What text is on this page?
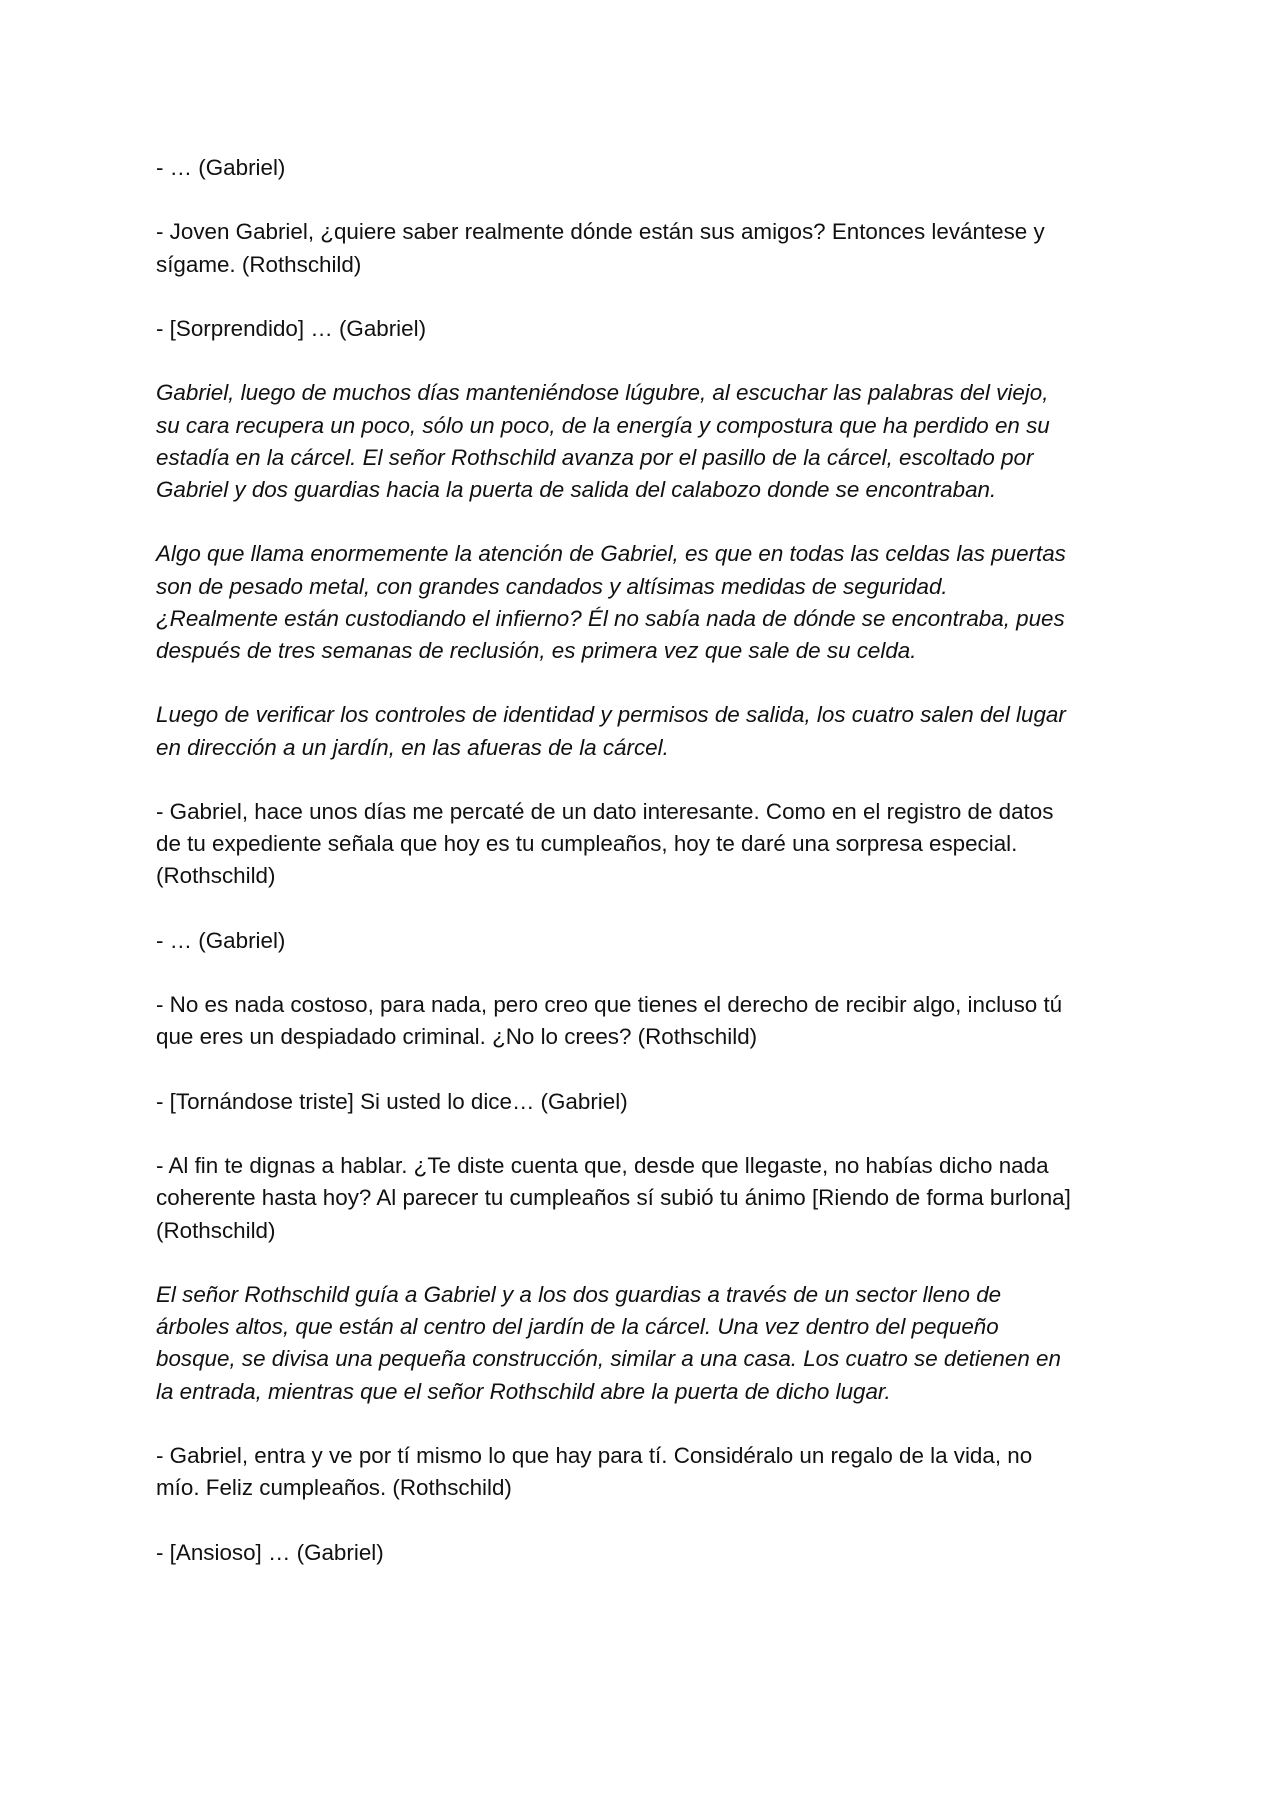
- … (Gabriel)

- Joven Gabriel, ¿quiere saber realmente dónde están sus amigos? Entonces levántese y
sígame. (Rothschild)

- [Sorprendido] … (Gabriel)

Gabriel, luego de muchos días manteniéndose lúgubre, al escuchar las palabras del viejo,
su cara recupera un poco, sólo un poco, de la energía y compostura que ha perdido en su
estadía en la cárcel. El señor Rothschild avanza por el pasillo de la cárcel, escoltado por
Gabriel y dos guardias hacia la puerta de salida del calabozo donde se encontraban.

Algo que llama enormemente la atención de Gabriel, es que en todas las celdas las puertas
son de pesado metal, con grandes candados y altísimas medidas de seguridad.
¿Realmente están custodiando el infierno? Él no sabía nada de dónde se encontraba, pues
después de tres semanas de reclusión, es primera vez que sale de su celda.

Luego de verificar los controles de identidad y permisos de salida, los cuatro salen del lugar
en dirección a un jardín, en las afueras de la cárcel.

- Gabriel, hace unos días me percaté de un dato interesante. Como en el registro de datos
de tu expediente señala que hoy es tu cumpleaños, hoy te daré una sorpresa especial.
(Rothschild)

- … (Gabriel)

- No es nada costoso, para nada, pero creo que tienes el derecho de recibir algo, incluso tú
que eres un despiadado criminal. ¿No lo crees? (Rothschild)

- [Tornándose triste] Si usted lo dice… (Gabriel)

- Al fin te dignas a hablar. ¿Te diste cuenta que, desde que llegaste, no habías dicho nada
coherente hasta hoy? Al parecer tu cumpleaños sí subió tu ánimo [Riendo de forma burlona]
(Rothschild)

El señor Rothschild guía a Gabriel y a los dos guardias a través de un sector lleno de
árboles altos, que están al centro del jardín de la cárcel. Una vez dentro del pequeño
bosque, se divisa una pequeña construcción, similar a una casa. Los cuatro se detienen en
la entrada, mientras que el señor Rothschild abre la puerta de dicho lugar.

- Gabriel, entra y ve por tí mismo lo que hay para tí. Considéralo un regalo de la vida, no
mío. Feliz cumpleaños. (Rothschild)

- [Ansioso] … (Gabriel)
